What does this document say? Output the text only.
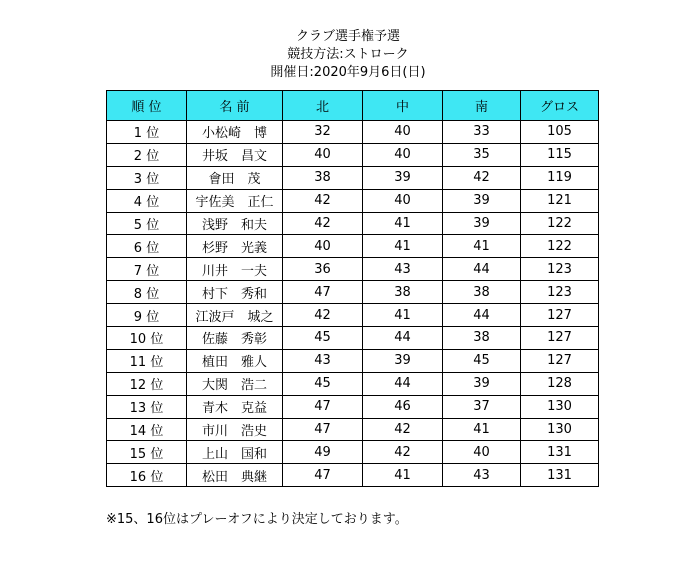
クラブ選手権予選
競技方法:ストローク
開催日:2020年9月6日(日)
順 位	名 前	北	中	南	グロス
1 位	小松崎　博	32	40	33	105
2 位	井坂　昌文	40	40	35	115
3 位	會田　茂	38	39	42	119
4 位	宇佐美　正仁	42	40	39	121
5 位	浅野　和夫	42	41	39	122
6 位	杉野　光義	40	41	41	122
7 位	川井　一夫	36	43	44	123
8 位	村下　秀和	47	38	38	123
9 位	江波戸　城之	42	41	44	127
10 位	佐藤　秀彰	45	44	38	127
11 位	植田　雅人	43	39	45	127
12 位	大関　浩二	45	44	39	128
13 位	青木　克益	47	46	37	130
14 位	市川　浩史	47	42	41	130
15 位	上山　国和	49	42	40	131
16 位	松田　典継	47	41	43	131
※15、16位はプレーオフにより決定しております。
